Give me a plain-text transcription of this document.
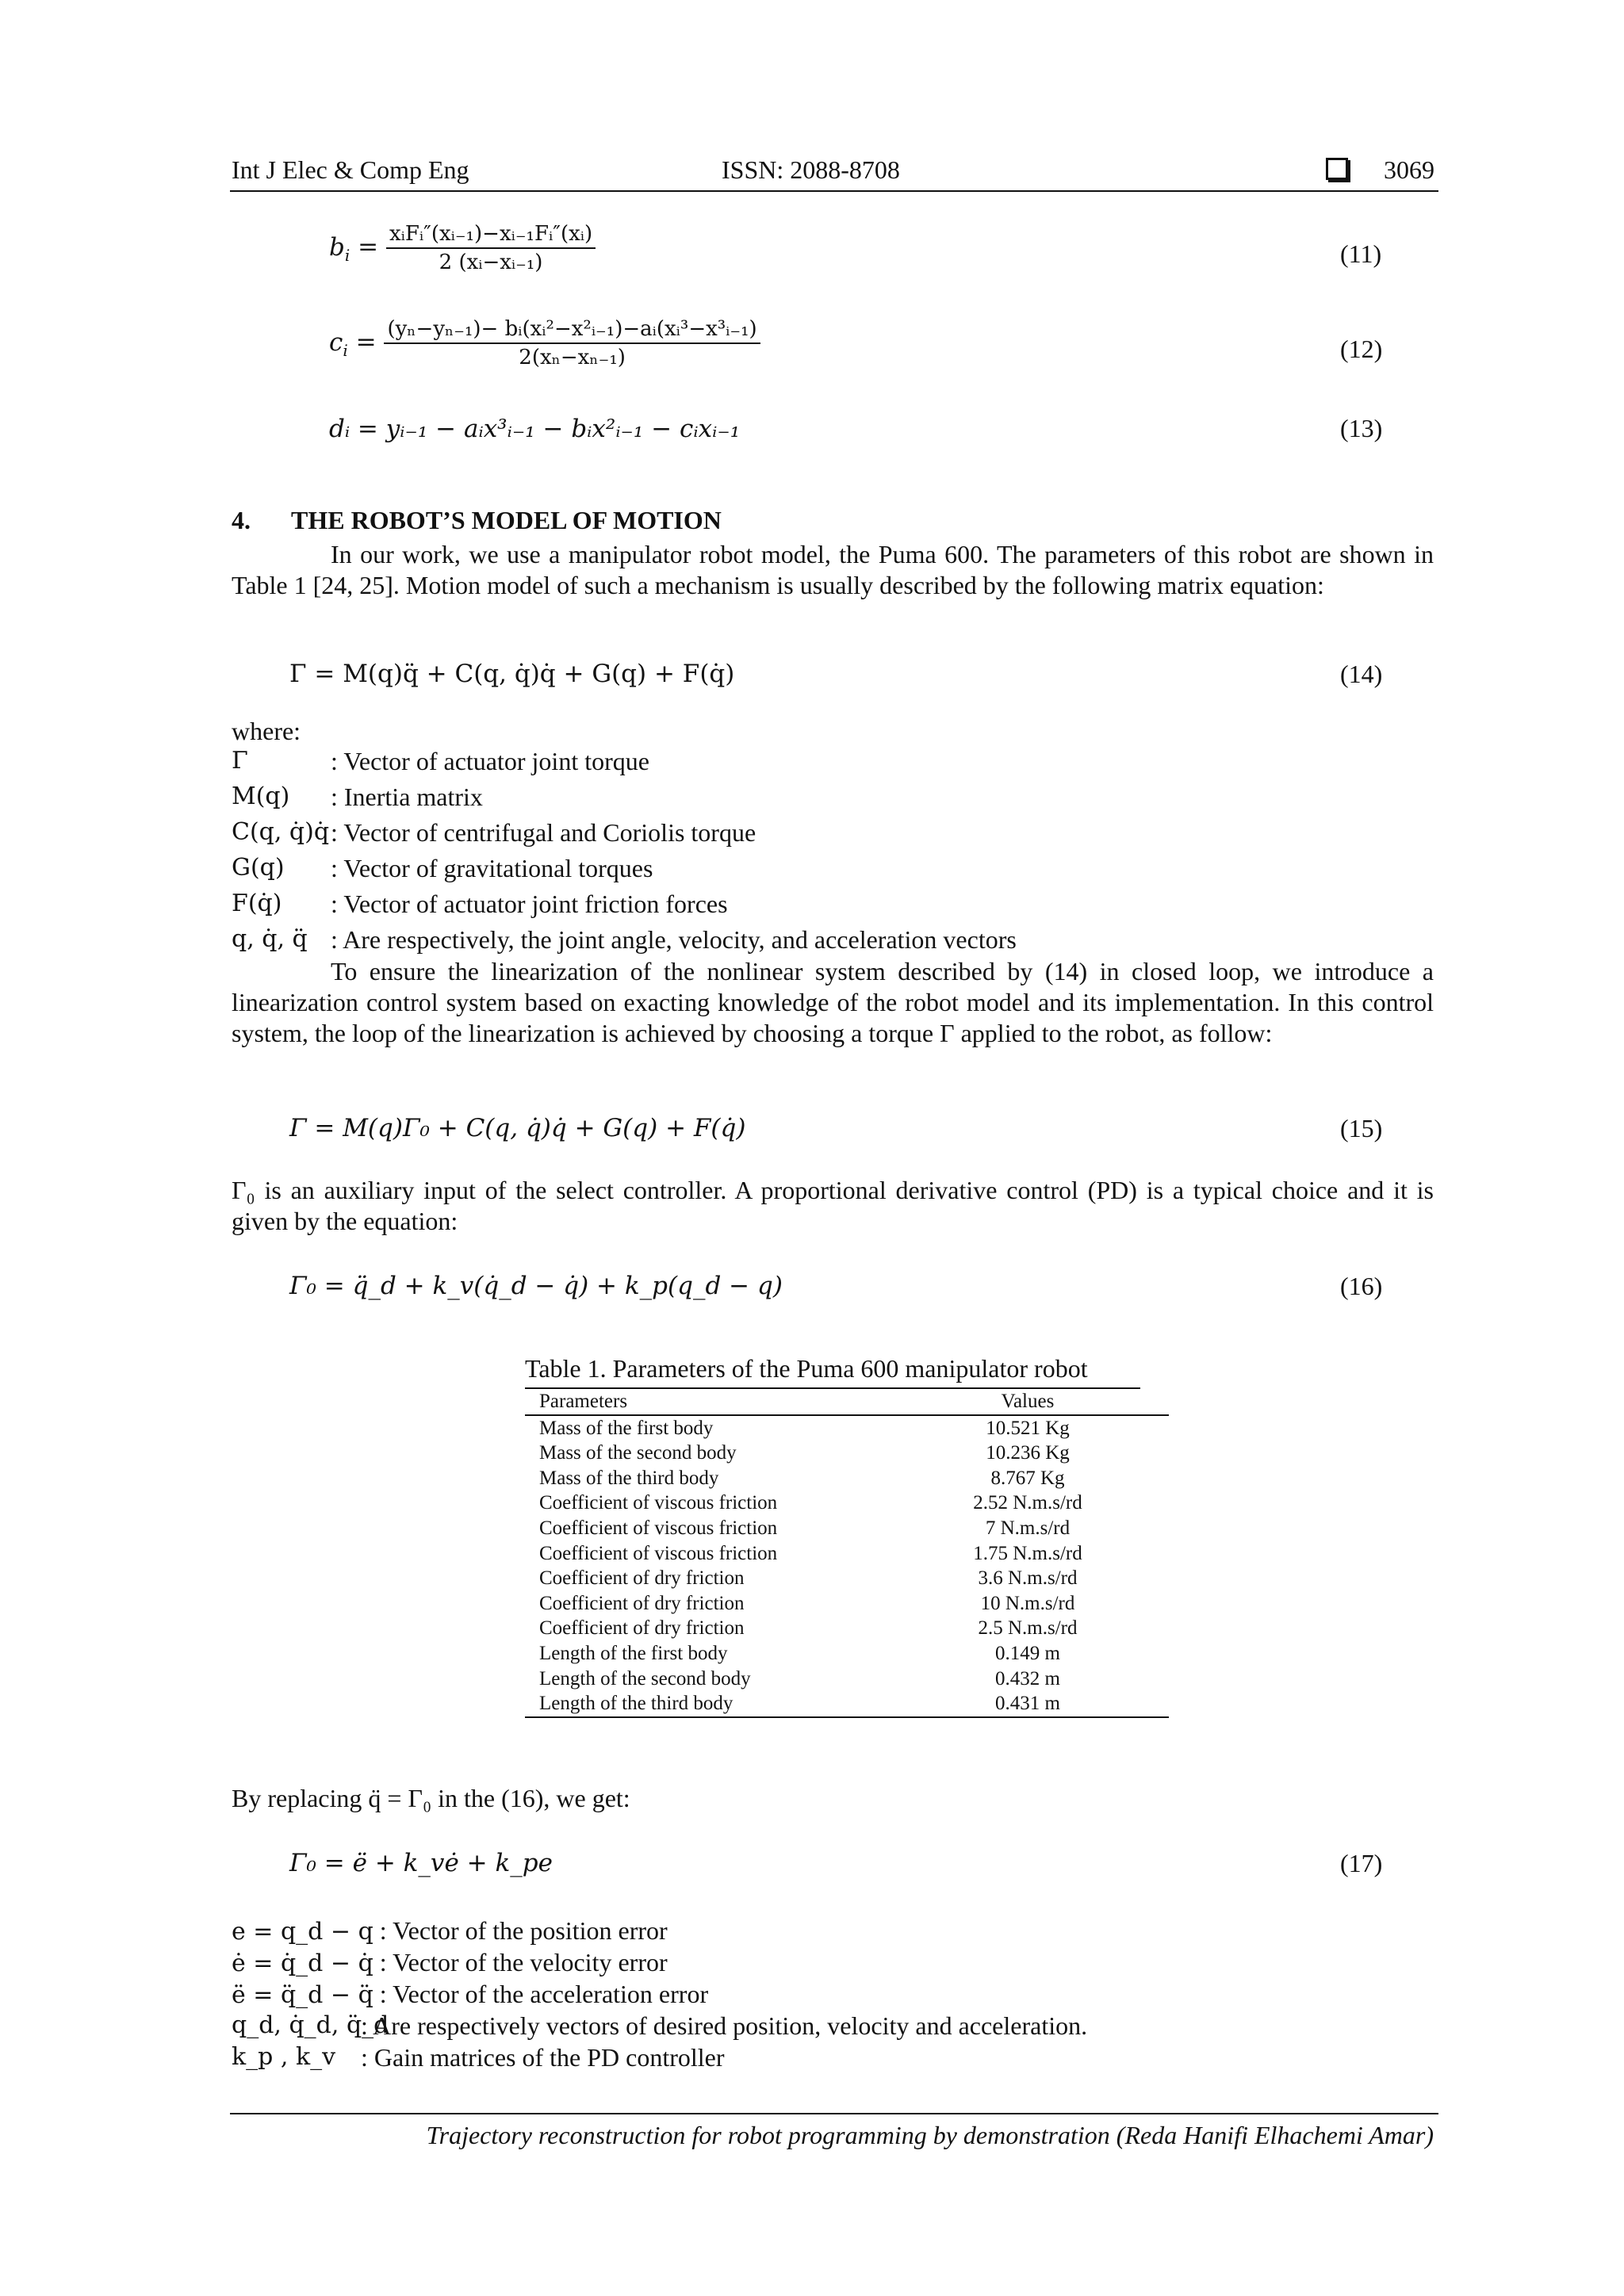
Int J Elec & Comp Eng	ISSN: 2088-8708	3069
$b_i = \frac{\text{xᵢFᵢ″(xᵢ₋₁)−xᵢ₋₁Fᵢ″(xᵢ)}}{\text{2 (xᵢ−xᵢ₋₁)}}$	(11)
$c_i = \frac{\text{(yₙ−yₙ₋₁)− bᵢ(xᵢ²−x²ᵢ₋₁)−aᵢ(xᵢ³−x³ᵢ₋₁)}}{\text{2(xₙ−xₙ₋₁)}}$	(12)
dᵢ = yᵢ₋₁ − aᵢx³ᵢ₋₁ − bᵢx²ᵢ₋₁ − cᵢxᵢ₋₁	(13)
4. THE ROBOT’S MODEL OF MOTION
In our work, we use a manipulator robot model, the Puma 600. The parameters of this robot are shown in Table 1 [24, 25]. Motion model of such a mechanism is usually described by the following matrix equation:
Γ = M(q)q̈ + C(q, q̇)q̇ + G(q) + F(q̇)	(14)
where:
Γ	: Vector of actuator joint torque
M(q) : Inertia matrix
C(q, q̇)q̇ : Vector of centrifugal and Coriolis torque
G(q) : Vector of gravitational torques
F(q̇) : Vector of actuator joint friction forces
q, q̇, q̈ : Are respectively, the joint angle, velocity, and acceleration vectors
To ensure the linearization of the nonlinear system described by (14) in closed loop, we introduce a linearization control system based on exacting knowledge of the robot model and its implementation. In this control system, the loop of the linearization is achieved by choosing a torque Γ applied to the robot, as follow:
Γ = M(q)Γ₀ + C(q, q̇)q̇ + G(q) + F(q̇)	(15)
Γ₀ is an auxiliary input of the select controller. A proportional derivative control (PD) is a typical choice and it is given by the equation:
Γ₀ = q̈_d + k_v(q̇_d − q̇) + k_p(q_d − q)	(16)
Table 1. Parameters of the Puma 600 manipulator robot
Parameters	Values
Mass of the first body	10.521 Kg
Mass of the second body	10.236 Kg
Mass of the third body	8.767 Kg
Coefficient of viscous friction	2.52 N.m.s/rd
Coefficient of viscous friction	7 N.m.s/rd
Coefficient of viscous friction	1.75 N.m.s/rd
Coefficient of dry friction	3.6 N.m.s/rd
Coefficient of dry friction	10 N.m.s/rd
Coefficient of dry friction	2.5 N.m.s/rd
Length of the first body	0.149 m
Length of the second body	0.432 m
Length of the third body	0.431 m
By replacing q̈ = Γ₀ in the (16), we get:
Γ₀ = ë + k_vė + k_pe	(17)
e = q_d − q : Vector of the position error
ė = q̇_d − q̇ : Vector of the velocity error
ë = q̈_d − q̈ : Vector of the acceleration error
q_d, q̇_d, q̈_d
: Are respectively vectors of desired position, velocity and acceleration.
k_p , k_v : Gain matrices of the PD controller
Trajectory reconstruction for robot programming by demonstration (Reda Hanifi Elhachemi Amar)
